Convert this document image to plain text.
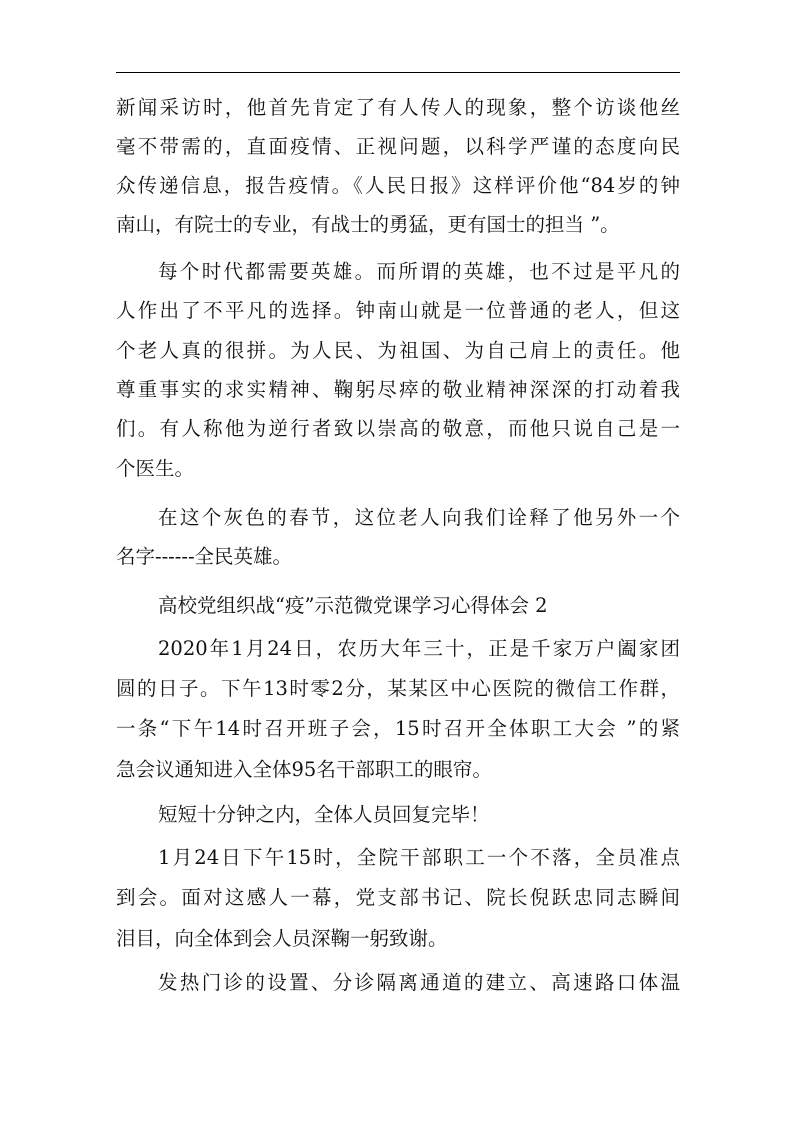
新闻采访时，他首先肯定了有人传人的现象，整个访谈他丝
毫不带需的，直面疫情、正视问题，以科学严谨的态度向民
众传递信息，报告疫情。《人民日报》这样评价他“84岁的钟
南山，有院士的专业，有战士的勇猛，更有国士的担当 ”。
每个时代都需要英雄。而所谓的英雄，也不过是平凡的
人作出了不平凡的选择。钟南山就是一位普通的老人，但这
个老人真的很拼。为人民、为祖国、为自己肩上的责任。他
尊重事实的求实精神、鞠躬尽瘁的敬业精神深深的打动着我
们。有人称他为逆行者致以崇高的敬意，而他只说自己是一
个医生。
在这个灰色的春节，这位老人向我们诠释了他另外一个
名字------全民英雄。
高校党组织战“疫”示范微党课学习心得体会 2
2020年1月24日，农历大年三十，正是千家万户阖家团
圆的日子。下午13时零2分，某某区中心医院的微信工作群，
一条“下午14时召开班子会，15时召开全体职工大会 ”的紧
急会议通知进入全体95名干部职工的眼帘。
短短十分钟之内，全体人员回复完毕！
1月24日下午15时，全院干部职工一个不落，全员准点
到会。面对这感人一幕，党支部书记、院长倪跃忠同志瞬间
泪目，向全体到会人员深鞠一躬致谢。
发热门诊的设置、分诊隔离通道的建立、高速路口体温
